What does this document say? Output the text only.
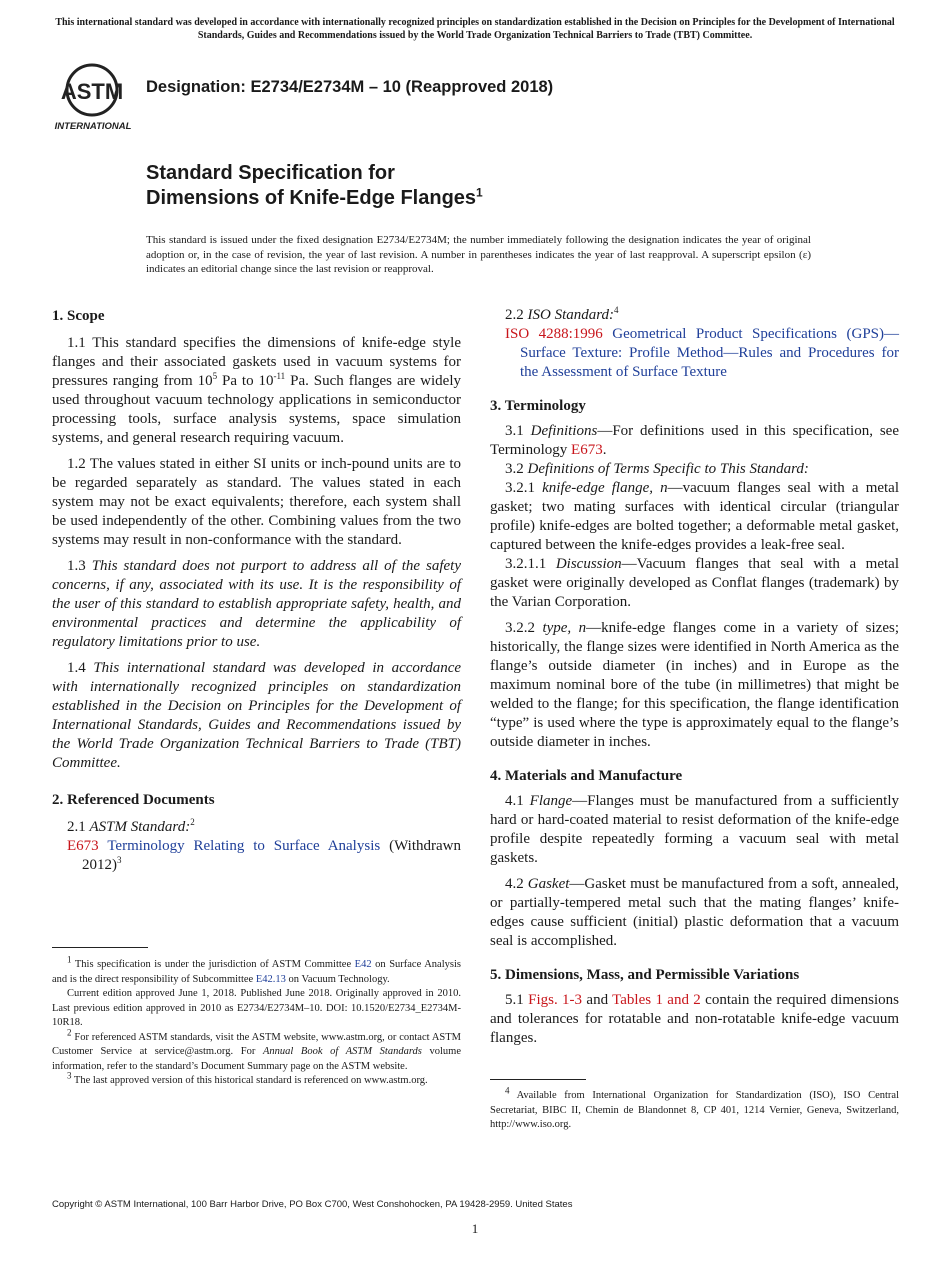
This international standard was developed in accordance with internationally recognized principles on standardization established in the Decision on Principles for the Development of International Standards, Guides and Recommendations issued by the World Trade Organization Technical Barriers to Trade (TBT) Committee.
ASTM
INTERNATIONAL
Designation: E2734/E2734M – 10 (Reapproved 2018)
Standard Specification for
Dimensions of Knife-Edge Flanges$^1$
This standard is issued under the fixed designation E2734/E2734M; the number immediately following the designation indicates the year of original adoption or, in the case of revision, the year of last revision. A number in parentheses indicates the year of last reapproval. A superscript epsilon (ε) indicates an editorial change since the last revision or reapproval.
1. Scope

1.1 This standard specifies the dimensions of knife-edge style flanges and their associated gaskets used in vacuum systems for pressures ranging from $10^5$ Pa to $10^{-11}$ Pa. Such flanges are widely used throughout vacuum technology applications in semiconductor processing tools, surface analysis systems, space simulation systems, and general research requiring vacuum.

1.2 The values stated in either SI units or inch-pound units are to be regarded separately as standard. The values stated in each system may not be exact equivalents; therefore, each system shall be used independently of the other. Combining values from the two systems may result in non-conformance with the standard.

1.3 This standard does not purport to address all of the safety concerns, if any, associated with its use. It is the responsibility of the user of this standard to establish appropriate safety, health, and environmental practices and determine the applicability of regulatory limitations prior to use.

1.4 This international standard was developed in accordance with internationally recognized principles on standardization established in the Decision on Principles for the Development of International Standards, Guides and Recommendations issued by the World Trade Organization Technical Barriers to Trade (TBT) Committee.

2. Referenced Documents

2.1 ASTM Standard:$^2$

E673 Terminology Relating to Surface Analysis (Withdrawn 2012)$^3$

$^1$ This specification is under the jurisdiction of ASTM Committee E42 on Surface Analysis and is the direct responsibility of Subcommittee E42.13 on Vacuum Technology.

Current edition approved June 1, 2018. Published June 2018. Originally approved in 2010. Last previous edition approved in 2010 as E2734/E2734M–10. DOI: 10.1520/E2734_E2734M-10R18.

$^2$ For referenced ASTM standards, visit the ASTM website, www.astm.org, or contact ASTM Customer Service at service@astm.org. For Annual Book of ASTM Standards volume information, refer to the standard’s Document Summary page on the ASTM website.

$^3$ The last approved version of this historical standard is referenced on www.astm.org.

2.2 ISO Standard:$^4$

ISO 4288:1996 Geometrical Product Specifications (GPS)—Surface Texture: Profile Method—Rules and Procedures for the Assessment of Surface Texture

3. Terminology

3.1 Definitions—For definitions used in this specification, see Terminology E673.

3.2 Definitions of Terms Specific to This Standard:

3.2.1 knife-edge flange, n—vacuum flanges seal with a metal gasket; two mating surfaces with identical circular (triangular profile) knife-edges are bolted together; a deformable metal gasket, captured between the knife-edges provides a leak-free seal.

3.2.1.1 Discussion—Vacuum flanges that seal with a metal gasket were originally developed as Conflat flanges (trademark) by the Varian Corporation.

3.2.2 type, n—knife-edge flanges come in a variety of sizes; historically, the flange sizes were identified in North America as the flange’s outside diameter (in inches) and in Europe as the maximum nominal bore of the tube (in millimetres) that might be welded to the flange; for this specification, the flange identification “type” is used where the type is approximately equal to the flange’s outside diameter in inches.

4. Materials and Manufacture

4.1 Flange—Flanges must be manufactured from a sufficiently hard or hard-coated material to resist deformation of the knife-edge profile despite repeatedly forming a vacuum seal with metal gaskets.

4.2 Gasket—Gasket must be manufactured from a soft, annealed, or partially-tempered metal such that the mating flanges’ knife-edges cause sufficient (initial) plastic deformation that a vacuum seal is accomplished.

5. Dimensions, Mass, and Permissible Variations

5.1 Figs. 1-3 and Tables 1 and 2 contain the required dimensions and tolerances for rotatable and non-rotatable knife-edge vacuum flanges.

$^4$ Available from International Organization for Standardization (ISO), ISO Central Secretariat, BIBC II, Chemin de Blandonnet 8, CP 401, 1214 Vernier, Geneva, Switzerland, http://www.iso.org.

Copyright © ASTM International, 100 Barr Harbor Drive, PO Box C700, West Conshohocken, PA 19428-2959. United States
1
